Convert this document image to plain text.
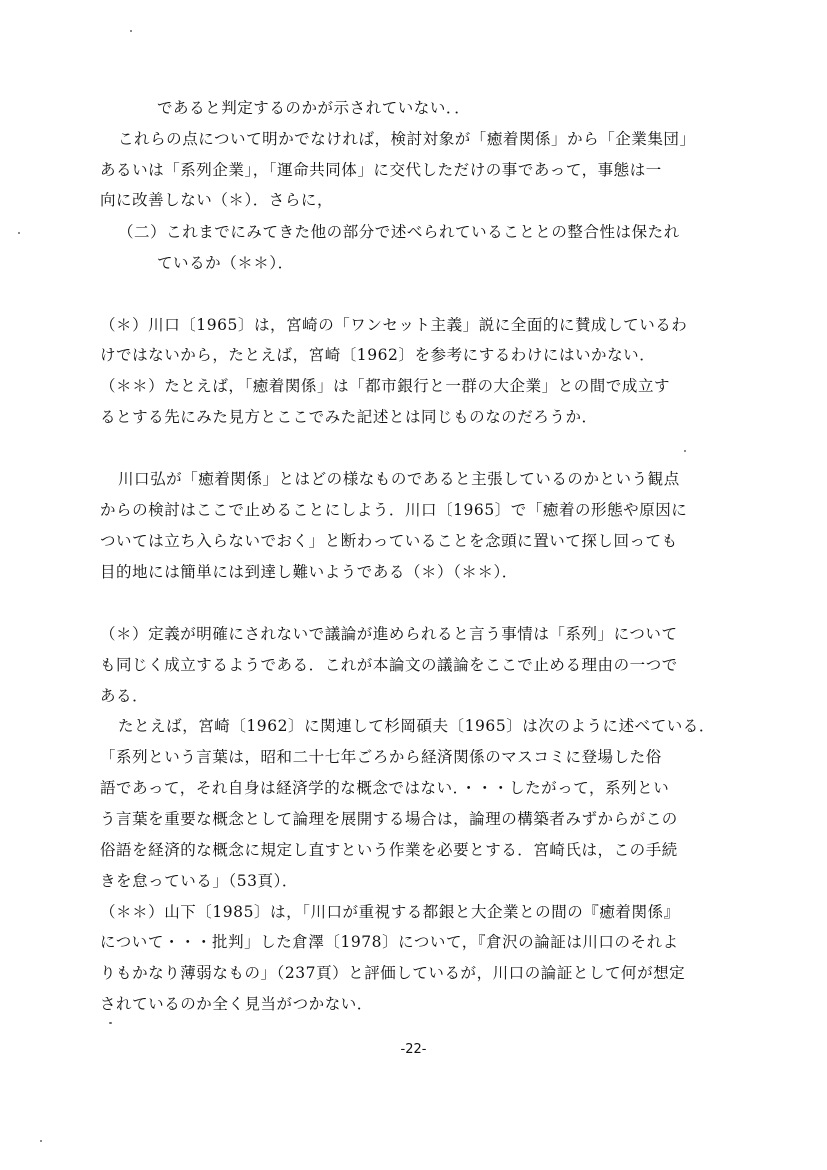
であると判定するのかが示されていない．．
これらの点について明かでなければ，検討対象が「癒着関係」から「企業集団」
あるいは「系列企業」，「運命共同体」に交代しただけの事であって，事態は一
向に改善しない（＊）．さらに，
（二）これまでにみてきた他の部分で述べられていることとの整合性は保たれ
ているか（＊＊）．
（＊）川口〔1965〕は，宮崎の「ワンセット主義」説に全面的に賛成しているわ
けではないから，たとえば，宮崎〔1962〕を参考にするわけにはいかない．
（＊＊）たとえば，「癒着関係」は「都市銀行と一群の大企業」との間で成立す
るとする先にみた見方とここでみた記述とは同じものなのだろうか．
川口弘が「癒着関係」とはどの様なものであると主張しているのかという観点
からの検討はここで止めることにしよう．川口〔1965〕で「癒着の形態や原因に
ついては立ち入らないでおく」と断わっていることを念頭に置いて探し回っても
目的地には簡単には到達し難いようである（＊）（＊＊）．
（＊）定義が明確にされないで議論が進められると言う事情は「系列」について
も同じく成立するようである．これが本論文の議論をここで止める理由の一つで
ある．
たとえば，宮崎〔1962〕に関連して杉岡碩夫〔1965〕は次のように述べている．
「系列という言葉は，昭和二十七年ごろから経済関係のマスコミに登場した俗
語であって，それ自身は経済学的な概念ではない．・・・したがって，系列とい
う言葉を重要な概念として論理を展開する場合は，論理の構築者みずからがこの
俗語を経済的な概念に規定し直すという作業を必要とする．宮崎氏は，この手続
きを怠っている」（53頁）．
（＊＊）山下〔1985〕は，「川口が重視する都銀と大企業との間の『癒着関係』
について・・・批判」した倉澤〔1978〕について，『倉沢の論証は川口のそれよ
りもかなり薄弱なもの」（237頁）と評価しているが，川口の論証として何が想定
されているのか全く見当がつかない．
-22-
